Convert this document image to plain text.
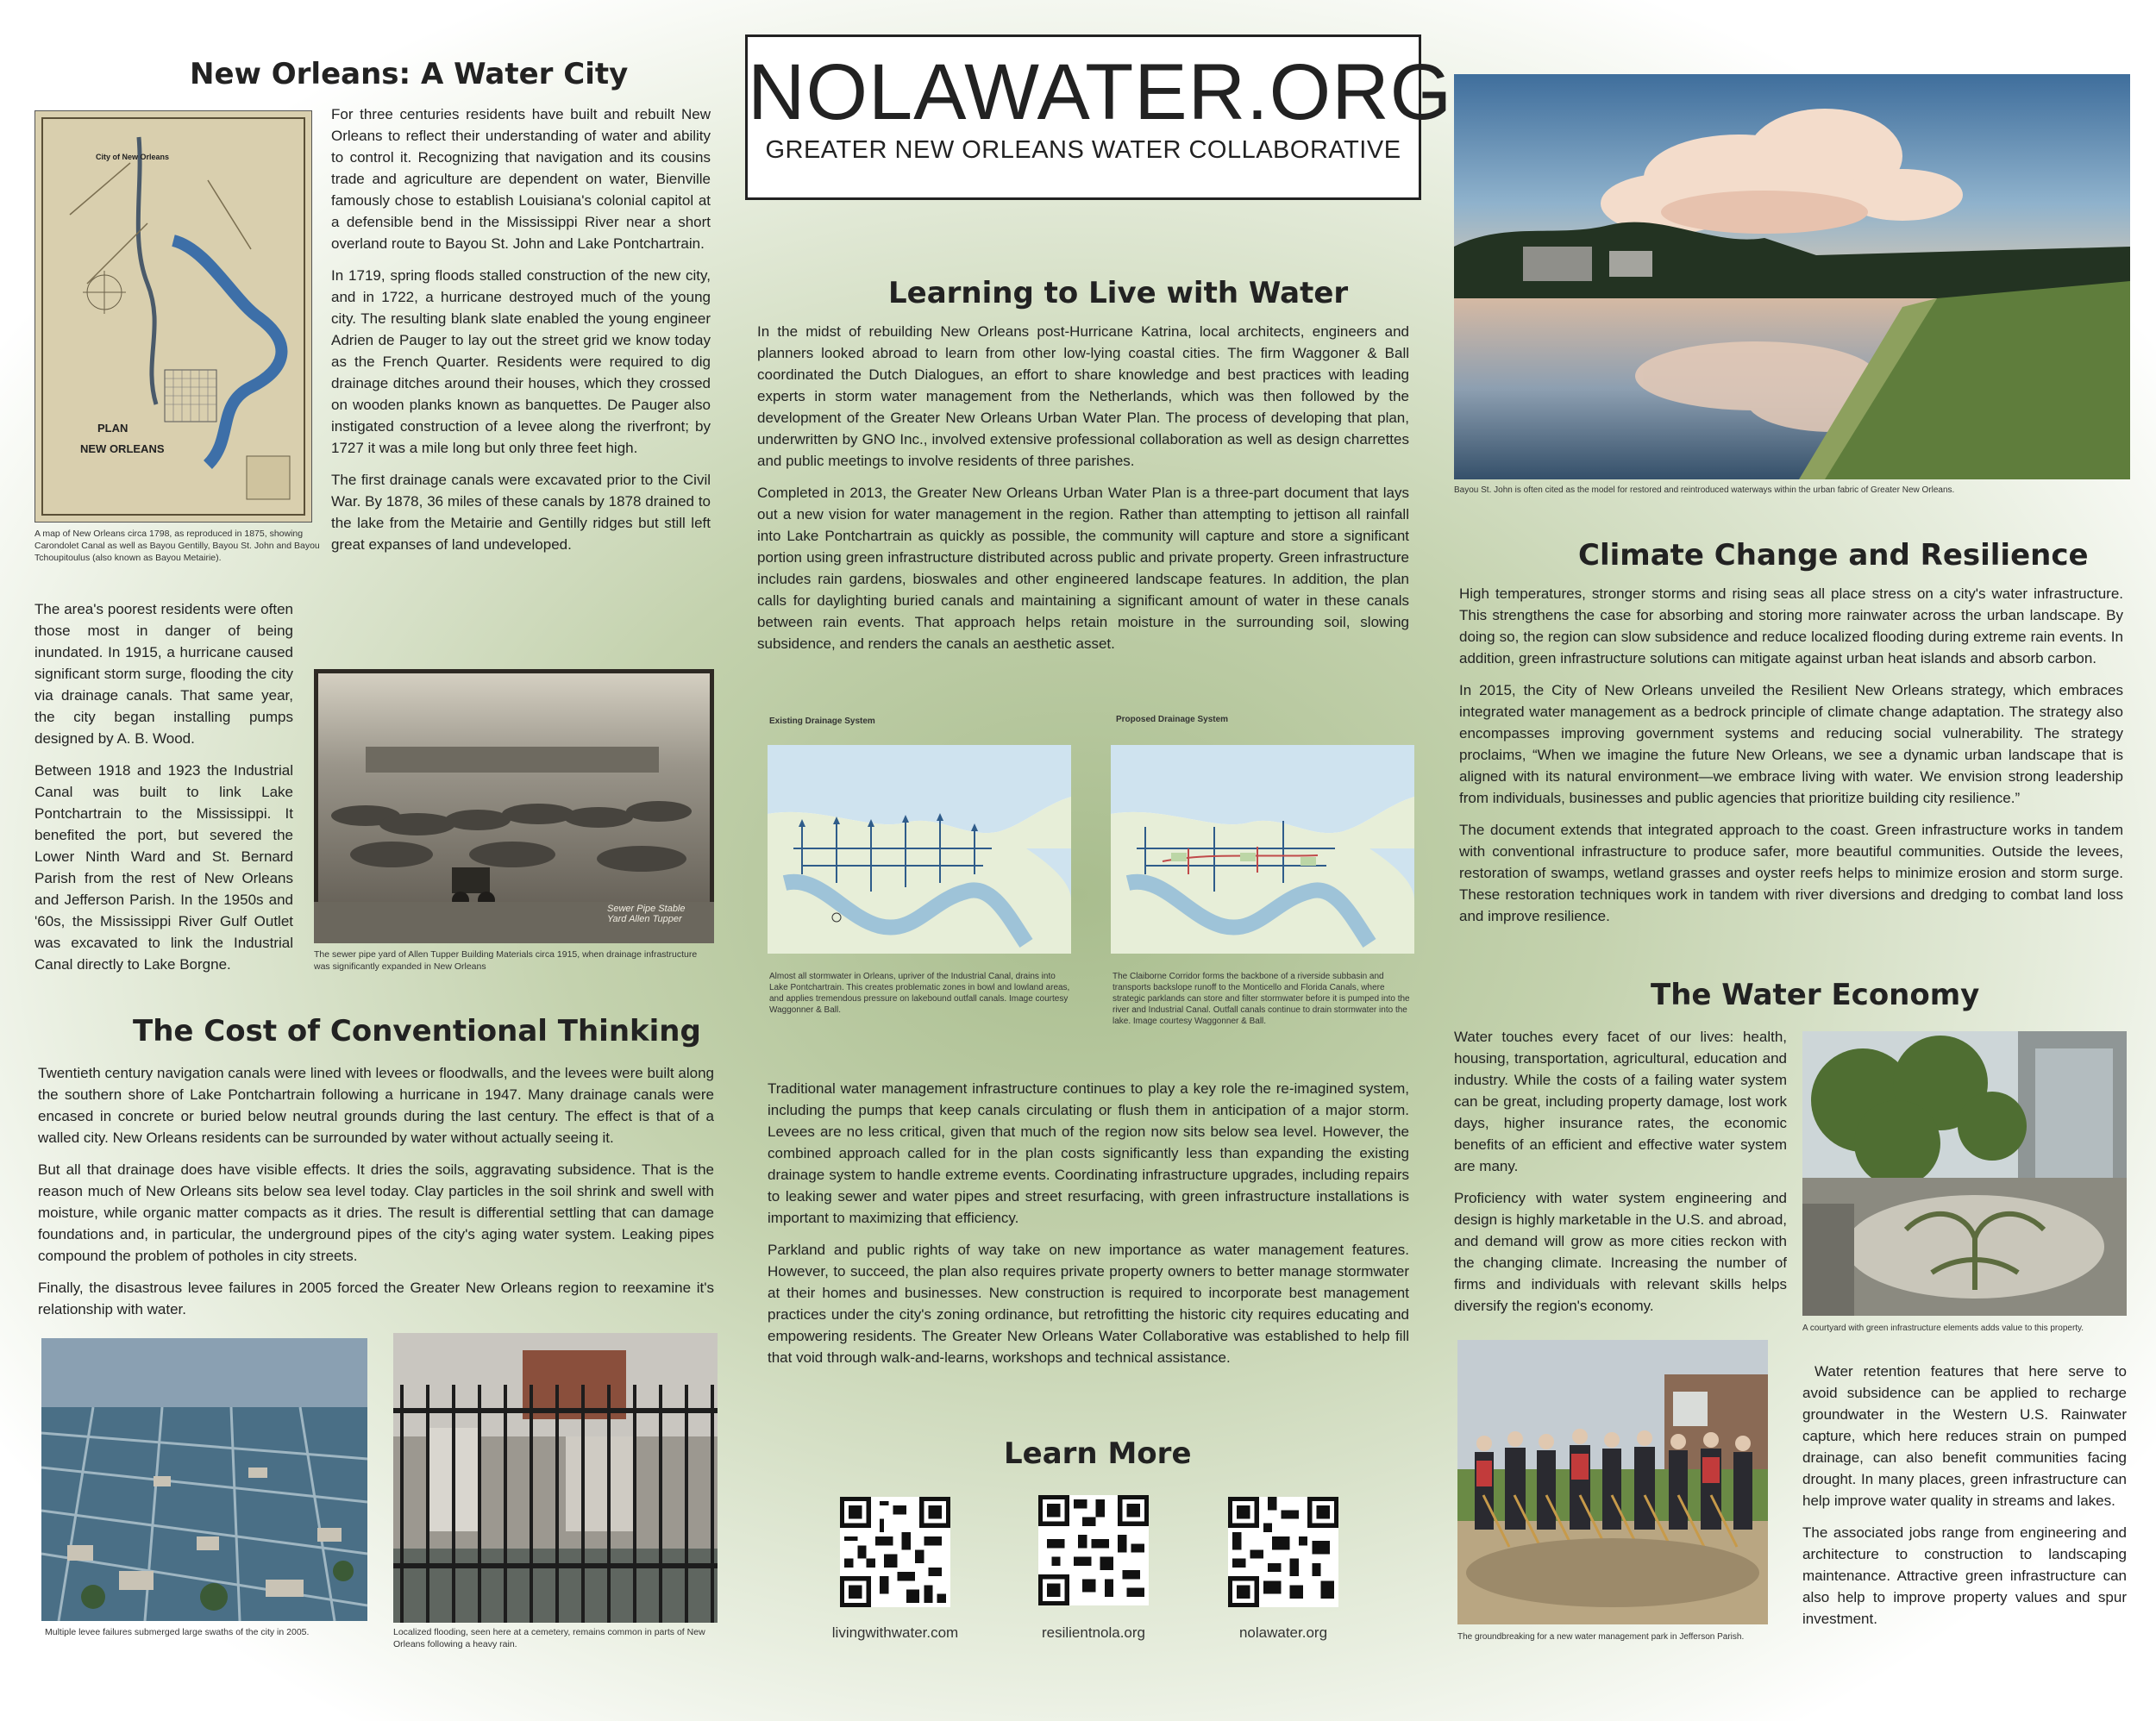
New Orleans: A Water City
City of New Orleans
PLAN
NEW ORLEANS
A map of New Orleans circa 1798, as reproduced in 1875, showing Carondolet Canal as well as Bayou Gentilly, Bayou St. John and Bayou Tchoupitoulus (also known as Bayou Metairie).

For three centuries residents have built and rebuilt New Orleans to reflect their understanding of water and ability to control it. Recognizing that navigation and its cousins trade and agriculture are dependent on water, Bienville famously chose to establish Louisiana's colonial capitol at a defensible bend in the Mississippi River near a short overland route to Bayou St. John and Lake Pontchartrain.

In 1719, spring floods stalled construction of the new city, and in 1722, a hurricane destroyed much of the young city. The resulting blank slate enabled the young engineer Adrien de Pauger to lay out the street grid we know today as the French Quarter. Residents were required to dig drainage ditches around their houses, which they crossed on wooden planks known as banquettes. De Pauger also instigated construction of a levee along the riverfront; by 1727 it was a mile long but only three feet high.

The first drainage canals were excavated prior to the Civil War. By 1878, 36 miles of these canals by 1878 drained to the lake from the Metairie and Gentilly ridges but still left great expanses of land undeveloped.

The area's poorest residents were often those most in danger of being inundated. In 1915, a hurricane caused significant storm surge, flooding the city via drainage canals. That same year, the city began installing pumps designed by A. B. Wood.

Between 1918 and 1923 the Industrial Canal was built to link Lake Pontchartrain to the Mississippi. It benefited the port, but severed the Lower Ninth Ward and St. Bernard Parish from the rest of New Orleans and Jefferson Parish. In the 1950s and '60s, the Mississippi River Gulf Outlet was excavated to link the Industrial Canal directly to Lake Borgne.

Sewer Pipe Stable Yard Allen Tupper
The sewer pipe yard of Allen Tupper Building Materials circa 1915, when drainage infrastructure was significantly expanded in New Orleans
The Cost of Conventional Thinking

Twentieth century navigation canals were lined with levees or floodwalls, and the levees were built along the southern shore of Lake Pontchartrain following a hurricane in 1947. Many drainage canals were encased in concrete or buried below neutral grounds during the last century. The effect is that of a walled city. New Orleans residents can be surrounded by water without actually seeing it.

But all that drainage does have visible effects. It dries the soils, aggravating subsidence. That is the reason much of New Orleans sits below sea level today. Clay particles in the soil shrink and swell with moisture, while organic matter compacts as it dries. The result is differential settling that can damage foundations and, in particular, the underground pipes of the city's aging water system. Leaking pipes compound the problem of potholes in city streets.

Finally, the disastrous levee failures in 2005 forced the Greater New Orleans region to reexamine it's relationship with water.

Multiple levee failures submerged large swaths of the city in 2005.	Localized flooding, seen here at a cemetery, remains common in parts of New Orleans following a heavy rain.
NOLAWATER.ORG
GREATER NEW ORLEANS WATER COLLABORATIVE
Learning to Live with Water

In the midst of rebuilding New Orleans post-Hurricane Katrina, local architects, engineers and planners looked abroad to learn from other low-lying coastal cities. The firm Waggoner & Ball coordinated the Dutch Dialogues, an effort to share knowledge and best practices with leading experts in storm water management from the Netherlands, which was then followed by the development of the Greater New Orleans Urban Water Plan. The process of developing that plan, underwritten by GNO Inc., involved extensive professional collaboration as well as design charrettes and public meetings to involve residents of three parishes.

Completed in 2013, the Greater New Orleans Urban Water Plan is a three-part document that lays out a new vision for water management in the region. Rather than attempting to jettison all rainfall into Lake Pontchartrain as quickly as possible, the community will capture and store a significant portion using green infrastructure distributed across public and private property. Green infrastructure includes rain gardens, bioswales and other engineered landscape features. In addition, the plan calls for daylighting buried canals and maintaining a significant amount of water in these canals between rain events. That approach helps retain moisture in the surrounding soil, slowing subsidence, and renders the canals an aesthetic asset.

Existing Drainage System	Proposed Drainage System
Almost all stormwater in Orleans, upriver of the Industrial Canal, drains into Lake Pontchartrain. This creates problematic zones in bowl and lowland areas, and applies tremendous pressure on lakebound outfall canals. Image courtesy Waggonner & Ball.
The Claiborne Corridor forms the backbone of a riverside subbasin and transports backslope runoff to the Monticello and Florida Canals, where strategic parklands can store and filter stormwater before it is pumped into the river and Industrial Canal. Outfall canals continue to drain stormwater into the lake. Image courtesy Waggonner & Ball.

Traditional water management infrastructure continues to play a key role the re-imagined system, including the pumps that keep canals circulating or flush them in anticipation of a major storm. Levees are no less critical, given that much of the region now sits below sea level. However, the combined approach called for in the plan costs significantly less than expanding the existing drainage system to handle extreme events. Coordinating infrastructure upgrades, including repairs to leaking sewer and water pipes and street resurfacing, with green infrastructure installations is important to maximizing that efficiency.

Parkland and public rights of way take on new importance as water management features. However, to succeed, the plan also requires private property owners to better manage stormwater at their homes and businesses. New construction is required to incorporate best management practices under the city's zoning ordinance, but retrofitting the historic city requires educating and empowering residents. The Greater New Orleans Water Collaborative was established to help fill that void through walk-and-learns, workshops and technical assistance.

Learn More
livingwithwater.com	resilientnola.org	nolawater.org
Bayou St. John is often cited as the model for restored and reintroduced waterways within the urban fabric of Greater New Orleans.
Climate Change and Resilience

High temperatures, stronger storms and rising seas all place stress on a city's water infrastructure. This strengthens the case for absorbing and storing more rainwater across the urban landscape. By doing so, the region can slow subsidence and reduce localized flooding during extreme rain events. In addition, green infrastructure solutions can mitigate against urban heat islands and absorb carbon.

In 2015, the City of New Orleans unveiled the Resilient New Orleans strategy, which embraces integrated water management as a bedrock principle of climate change adaptation. The strategy also encompasses improving government systems and reducing social vulnerability. The strategy proclaims, “When we imagine the future New Orleans, we see a dynamic urban landscape that is aligned with its natural environment—we embrace living with water. We envision strong leadership from individuals, businesses and public agencies that prioritize building city resilience.”

The document extends that integrated approach to the coast. Green infrastructure works in tandem with conventional infrastructure to produce safer, more beautiful communities. Outside the levees, restoration of swamps, wetland grasses and oyster reefs helps to minimize erosion and storm surge. These restoration techniques work in tandem with river diversions and dredging to combat land loss and improve resilience.

The Water Economy

Water touches every facet of our lives: health, housing, transportation, agricultural, education and industry. While the costs of a failing water system can be great, including property damage, lost work days, higher insurance rates, the economic benefits of an efficient and effective water system are many.

Proficiency with water system engineering and design is highly marketable in the U.S. and abroad, and demand will grow as more cities reckon with the changing climate. Increasing the number of firms and individuals with relevant skills helps diversify the region's economy.

A courtyard with green infrastructure elements adds value to this property.
The groundbreaking for a new water management park in Jefferson Parish.

Water retention features that here serve to avoid subsidence can be applied to recharge groundwater in the Western U.S. Rainwater capture, which here reduces strain on pumped drainage, can also benefit communities facing drought. In many places, green infrastructure can help improve water quality in streams and lakes.

The associated jobs range from engineering and architecture to construction to landscaping maintenance. Attractive green infrastructure can also help to improve property values and spur investment.
